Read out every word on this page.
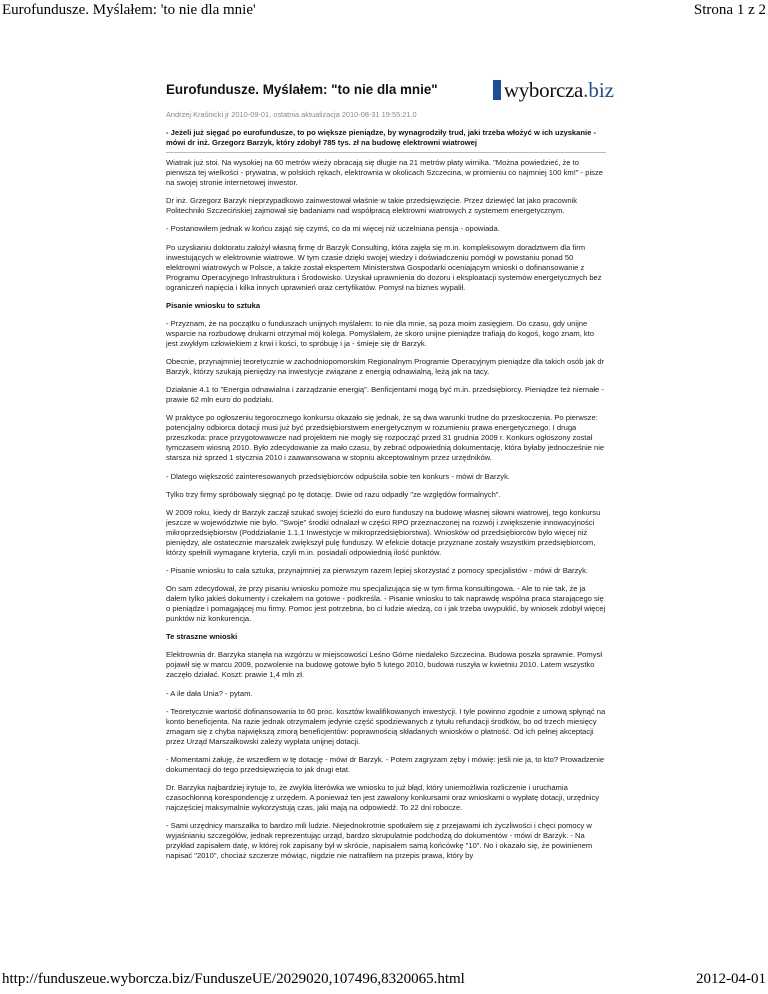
Eurofundusze. Myślałem: 'to nie dla mnie'	Strona 1 z 2
Eurofundusze. Myślałem: "to nie dla mnie"	wyborcza . biz
Andrzej Kraśnicki jr 2010-09-01, ostatnia aktualizacja 2010-08-31 19:55:21.0

- Jeżeli już sięgać po eurofundusze, to po większe pieniądze, by wynagrodziły trud, jaki trzeba włożyć w ich uzyskanie - mówi dr inż. Grzegorz Barzyk, który zdobył 785 tys. zł na budowę elektrowni wiatrowej

Wiatrak już stoi. Na wysokiej na 60 metrów wieży obracają się długie na 21 metrów płaty wirnika. "Można powiedzieć, że to pierwsza tej wielkości - prywatna, w polskich rękach, elektrownia w okolicach Szczecina, w promieniu co najmniej 100 km!" - pisze na swojej stronie internetowej inwestor.

Dr inż. Grzegorz Barzyk nieprzypadkowo zainwestował właśnie w takie przedsięwzięcie. Przez dziewięć lat jako pracownik Politechniki Szczecińskiej zajmował się badaniami nad współpracą elektrowni wiatrowych z systemem energetycznym.

- Postanowiłem jednak w końcu zająć się czymś, co da mi więcej niż uczelniana pensja - opowiada.

Po uzyskaniu doktoratu założył własną firmę dr Barzyk Consulting, która zajęła się m.in. kompleksowym doradztwem dla firm inwestujących w elektrownie wiatrowe. W tym czasie dzięki swojej wiedzy i doświadczeniu pomógł w powstaniu ponad 50 elektrowni wiatrowych w Polsce, a także został ekspertem Ministerstwa Gospodarki oceniającym wnioski o dofinansowanie z Programu Operacyjnego Infrastruktura i Środowisko. Uzyskał uprawnienia do dozoru i eksploatacji systemów energetycznych bez ograniczeń napięcia i kilka innych uprawnień oraz certyfikatów. Pomysł na biznes wypalił.

Pisanie wniosku to sztuka

- Przyznam, że na początku o funduszach unijnych myślałem: to nie dla mnie, są poza moim zasięgiem. Do czasu, gdy unijne wsparcie na rozbudowę drukarni otrzymał mój kolega. Pomyślałem, że skoro unijne pieniądze trafiają do kogoś, kogo znam, kto jest zwykłym człowiekiem z krwi i kości, to spróbuję i ja - śmieje się dr Barzyk.

Obecnie, przynajmniej teoretycznie w zachodniopomorskim Regionalnym Programie Operacyjnym pieniądze dla takich osób jak dr Barzyk, którzy szukają pieniędzy na inwestycje związane z energią odnawialną, leżą jak na tacy.

Działanie 4.1 to "Energia odnawialna i zarządzanie energią". Benficjentami mogą być m.in. przedsiębiorcy. Pieniądze też niemałe - prawie 62 mln euro do podziału.

W praktyce po ogłoszeniu tegorocznego konkursu okazało się jednak, że są dwa warunki trudne do przeskoczenia. Po pierwsze: potencjalny odbiorca dotacji musi już być przedsiębiorstwem energetycznym w rozumieniu prawa energetycznego. I druga przeszkoda: prace przygotowawcze nad projektem nie mogły się rozpocząć przed 31 grudnia 2009 r. Konkurs ogłoszony został tymczasem wiosną 2010. Było zdecydowanie za mało czasu, by zebrać odpowiednią dokumentację, która byłaby jednocześnie nie starsza niż sprzed 1 stycznia 2010 i zaawansowana w stopniu akceptowalnym przez urzędników.

- Dlatego większość zainteresowanych przedsiębiorców odpuściła sobie ten konkurs - mówi dr Barzyk.

Tylko trzy firmy spróbowały sięgnąć po tę dotację. Dwie od razu odpadły "ze względów formalnych".

W 2009 roku, kiedy dr Barzyk zaczął szukać swojej ścieżki do euro funduszy na budowę własnej siłowni wiatrowej, tego konkursu jeszcze w województwie nie było. "Swoje" środki odnalazł w części RPO przeznaczonej na rozwój i zwiększenie innowacyjności mikroprzedsiębiorstw (Poddziałanie 1.1.1 Inwestycje w mikroprzedsiębiorstwa). Wniosków od przedsiębiorców było więcej niż pieniędzy, ale ostatecznie marszałek zwiększył pulę funduszy. W efekcie dotacje przyznane zostały wszystkim przedsiębiorcom, którzy spełnili wymagane kryteria, czyli m.in. posiadali odpowiednią ilość punktów.

- Pisanie wniosku to cała sztuka, przynajmniej za pierwszym razem lepiej skorzystać z pomocy specjalistów - mówi dr Barzyk.

On sam zdecydował, że przy pisaniu wniosku pomoże mu specjalizująca się w tym firma konsultingowa. - Ale to nie tak, że ja dałem tylko jakieś dokumenty i czekałem na gotowe - podkreśla. - Pisanie wniosku to tak naprawdę wspólna praca starającego się o pieniądze i pomagającej mu firmy. Pomoc jest potrzebna, bo ci ludzie wiedzą, co i jak trzeba uwypuklić, by wniosek zdobył więcej punktów niż konkurencja.

Te straszne wnioski

Elektrownia dr. Barzyka stanęła na wzgórzu w miejscowości Leśno Górne niedaleko Szczecina. Budowa poszła sprawnie. Pomysł pojawił się w marcu 2009, pozwolenie na budowę gotowe było 5 lutego 2010, budowa ruszyła w kwietniu 2010. Latem wszystko zaczęło działać. Koszt: prawie 1,4 mln zł.

- A ile dała Unia? - pytam.

- Teoretycznie wartość dofinansowania to 60 proc. kosztów kwalifikowanych inwestycji. I tyle powinno zgodnie z umową spłynąć na konto beneficjenta. Na razie jednak otrzymałem jedynie część spodziewanych z tytułu refundacji środków, bo od trzech miesięcy zmagam się z chyba największą zmorą beneficjentów: poprawnością składanych wniosków o płatność. Od ich pełnej akceptacji przez Urząd Marszałkowski zależy wypłata unijnej dotacji.

- Momentami żałuję, że wszedłem w tę dotację - mówi dr Barzyk. - Potem zagryzam zęby i mówię: jeśli nie ja, to kto? Prowadzenie dokumentacji do tego przedsięwzięcia to jak drugi etat.

Dr. Barzyka najbardziej irytuje to, że zwykła literówka we wniosku to już błąd, który uniemożliwia rozliczenie i uruchamia czasochłonną korespondencję z urzędem. A ponieważ ten jest zawalony konkursami oraz wnioskami o wypłatę dotacji, urzędnicy najczęściej maksymalnie wykorzystują czas, jaki mają na odpowiedź. To 22 dni robocze.

- Sami urzędnicy marszałka to bardzo mili ludzie. Niejednokrotnie spotkałem się z przejawami ich życzliwości i chęci pomocy w wyjaśnianiu szczegółów, jednak reprezentując urząd, bardzo skrupulatnie podchodzą do dokumentów - mówi dr Barzyk. - Na przykład zapisałem datę, w której rok zapisany był w skrócie, napisałem samą końcówkę "10". No i okazało się, że powinienem napisać "2010", chociaż szczerze mówiąc, nigdzie nie natrafiłem na przepis prawa, który by

http://funduszeue.wyborcza.biz/FunduszeUE/2029020,107496,8320065.html	2012-04-01
